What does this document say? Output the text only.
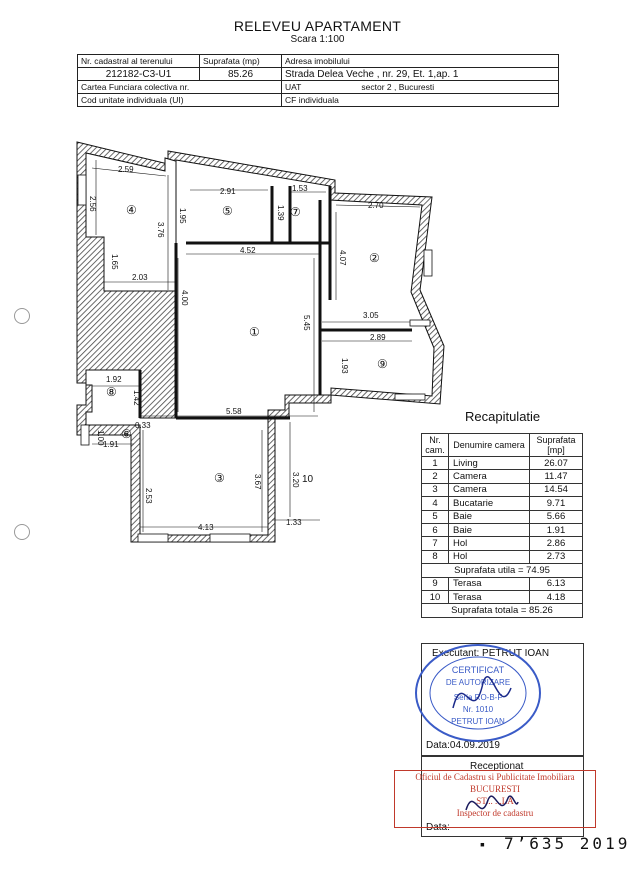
RELEVEU APARTAMENT
Scara 1:100
Nr. cadastral al terenului	Suprafata (mp)	Adresa imobilului
212182-C3-U1	85.26	Strada Delea Veche , nr. 29, Et. 1,ap. 1
Cartea Funciara colectiva nr.		UAT sector 2 , Bucuresti
Cod unitate individuala (UI)		CF individuala
2.59
2.56
3.76
1.65
2.03
2.91
1.95
1.53
1.39	2.70
4.52	4.07
4.00
5.45	3.05
2.89
1.93
1.92
1.42
5.58
0.33
1.00
1.91
2.53
3.67	3.20
4.13
1.33
④	⑤	⑦
②
①
⑨
⑧
⑥
③	10
Recapitulatie
Nr. cam.	Denumire camera	Suprafata [mp]
1	Living	26.07
2	Camera	11.47
3	Camera	14.54
4	Bucatarie	9.71
5	Baie	5.66
6	Baie	1.91
7	Hol	2.86
8	Hol	2.73
Suprafata utila = 74.95		
9	Terasa	6.13
10	Terasa	4.18
Suprafata totala = 85.26		
Executant: PETRUT IOAN
Data:04.09.2019
Receptionat
Data:
CERTIFICAT
DE AUTORIZARE
Seria RO-B-F
Nr. 1010
PETRUT IOAN
Oficiul de Cadastru si Publicitate Imobiliara
BUCURESTI
ST... ...LA
Inspector de cadastru
7’635 2019
▪
